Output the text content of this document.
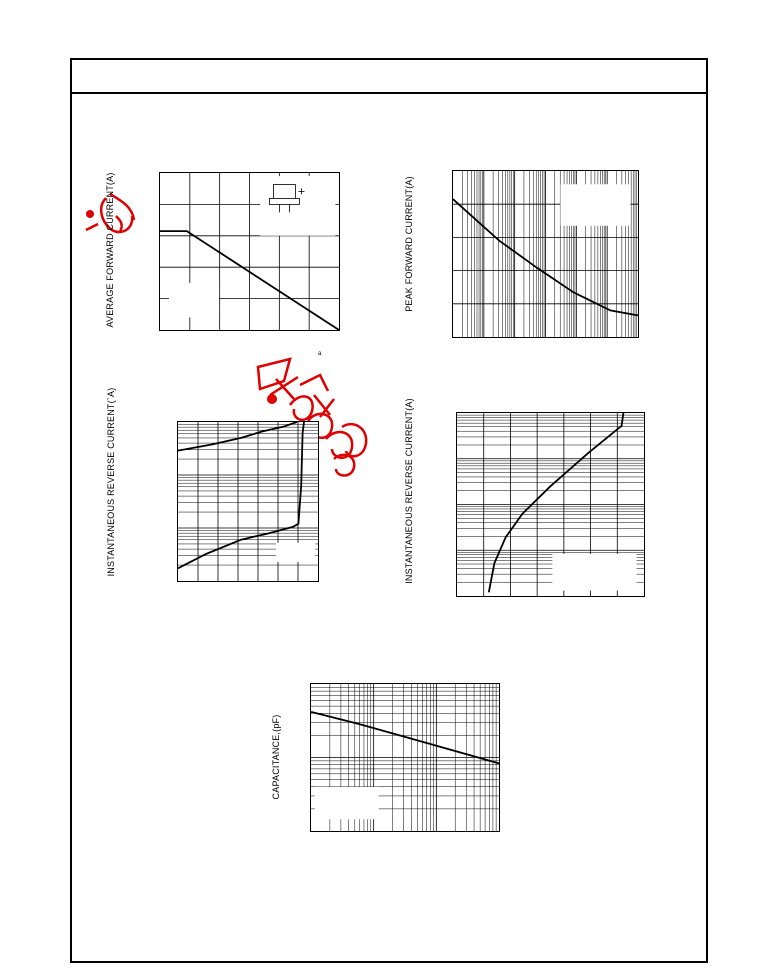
AVERAGE FORWARD CURRENT(A)
a
PEAK FORWARD CURRENT(A)
INSTANTANEOUS REVERSE CURRENT(`A)	INSTANTANEOUS REVERSE CURRENT(A)
CAPACITANCE,(pF)
